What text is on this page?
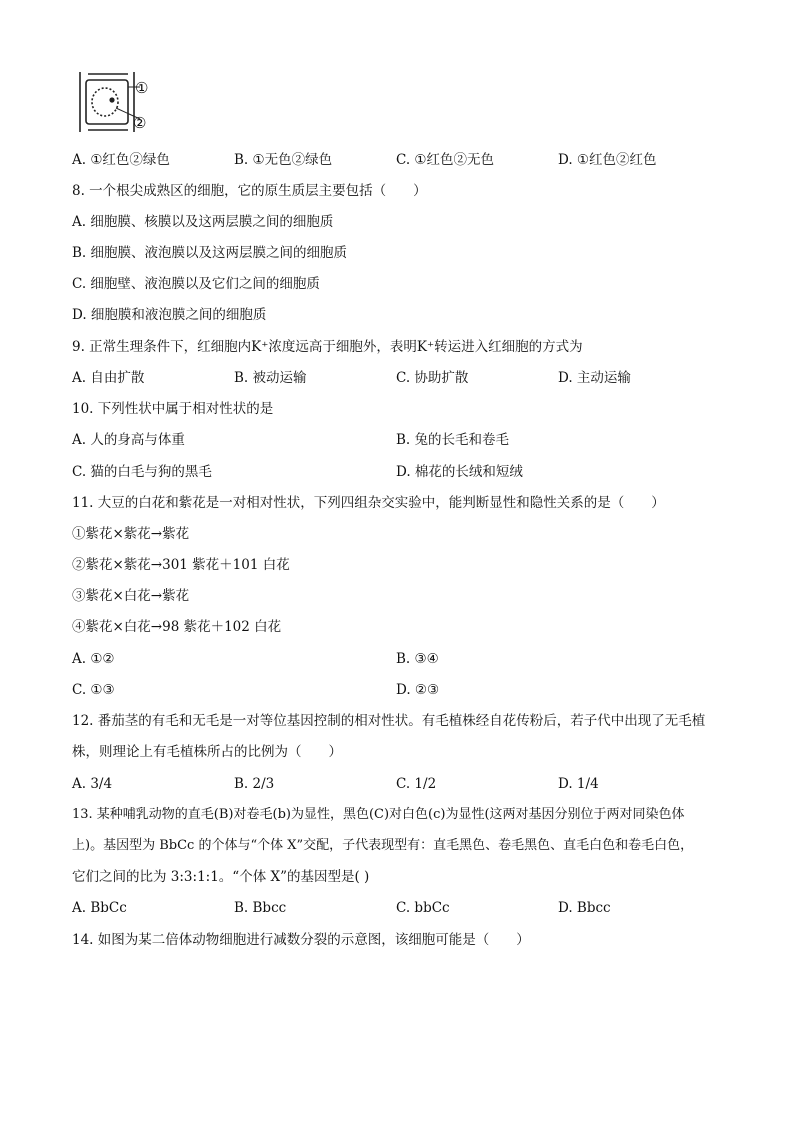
①
②
A. ①红色②绿色	B. ①无色②绿色	C. ①红色②无色	D. ①红色②红色
8. 一个根尖成熟区的细胞，它的原生质层主要包括（　　）
A. 细胞膜、核膜以及这两层膜之间的细胞质
B. 细胞膜、液泡膜以及这两层膜之间的细胞质
C. 细胞壁、液泡膜以及它们之间的细胞质
D. 细胞膜和液泡膜之间的细胞质
9. 正常生理条件下，红细胞内K⁺浓度远高于细胞外，表明K⁺转运进入红细胞的方式为
A. 自由扩散	B. 被动运输	C. 协助扩散	D. 主动运输
10. 下列性状中属于相对性状的是
A. 人的身高与体重	B. 兔的长毛和卷毛
C. 猫的白毛与狗的黑毛	D. 棉花的长绒和短绒
11. 大豆的白花和紫花是一对相对性状，下列四组杂交实验中，能判断显性和隐性关系的是（　　）
①紫花×紫花→紫花
②紫花×紫花→301 紫花＋101 白花
③紫花×白花→紫花
④紫花×白花→98 紫花＋102 白花
A. ①②	B. ③④
C. ①③	D. ②③
12. 番茄茎的有毛和无毛是一对等位基因控制的相对性状。有毛植株经自花传粉后，若子代中出现了无毛植
株，则理论上有毛植株所占的比例为（　　）
A. 3/4	B. 2/3	C. 1/2	D. 1/4
13. 某种哺乳动物的直毛(B)对卷毛(b)为显性，黑色(C)对白色(c)为显性(这两对基因分别位于两对同染色体
上)。基因型为 BbCc 的个体与“个体 X”交配，子代表现型有：直毛黑色、卷毛黑色、直毛白色和卷毛白色，
它们之间的比为 3:3:1:1。“个体 X”的基因型是( )
A. BbCc	B. Bbcc	C. bbCc	D. Bbcc
14. 如图为某二倍体动物细胞进行减数分裂的示意图，该细胞可能是（　　）
